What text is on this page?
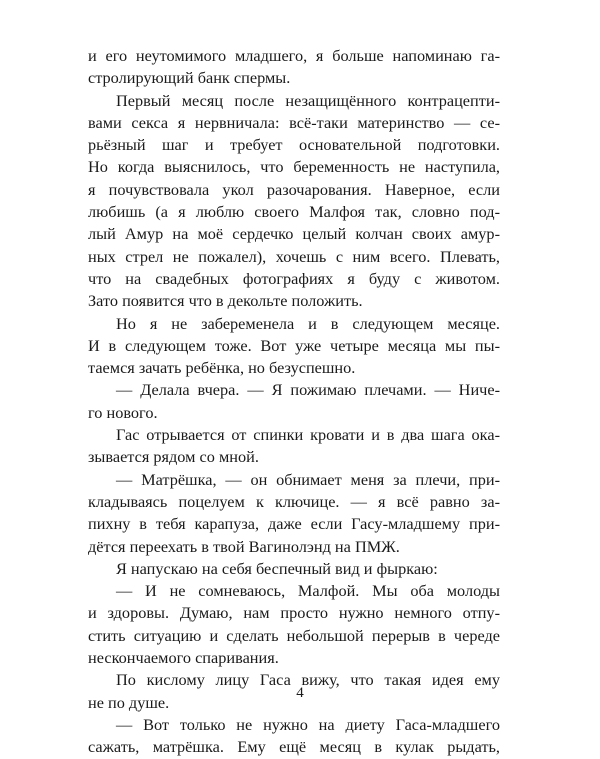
и его неутомимого младшего, я больше напоминаю га-
стролирующий банк спермы.

Первый месяц после незащищённого контрацепти-
вами секса я нервничала: всё-таки материнство — се-
рьёзный шаг и требует основательной подготовки.
Но когда выяснилось, что беременность не наступила,
я почувствовала укол разочарования. Наверное, если
любишь (а я люблю своего Малфоя так, словно под-
лый Амур на моё сердечко целый колчан своих амур-
ных стрел не пожалел), хочешь с ним всего. Плевать,
что на свадебных фотографиях я буду с животом.
Зато появится что в декольте положить.

Но я не забеременела и в следующем месяце.
И в следующем тоже. Вот уже четыре месяца мы пы-
таемся зачать ребёнка, но безуспешно.

— Делала вчера. — Я пожимаю плечами. — Ниче-
го нового.

Гас отрывается от спинки кровати и в два шага ока-
зывается рядом со мной.

— Матрёшка, — он обнимает меня за плечи, при-
кладываясь поцелуем к ключице. — я всё равно за-
пихну в тебя карапуза, даже если Гасу-младшему при-
дётся переехать в твой Вагинолэнд на ПМЖ.

Я напускаю на себя беспечный вид и фыркаю:

— И не сомневаюсь, Малфой. Мы оба молоды
и здоровы. Думаю, нам просто нужно немного отпу-
стить ситуацию и сделать небольшой перерыв в череде
нескончаемого спаривания.

По кислому лицу Гаса вижу, что такая идея ему
не по душе.

— Вот только не нужно на диету Гаса-младшего
сажать, матрёшка. Ему ещё месяц в кулак рыдать,

4
